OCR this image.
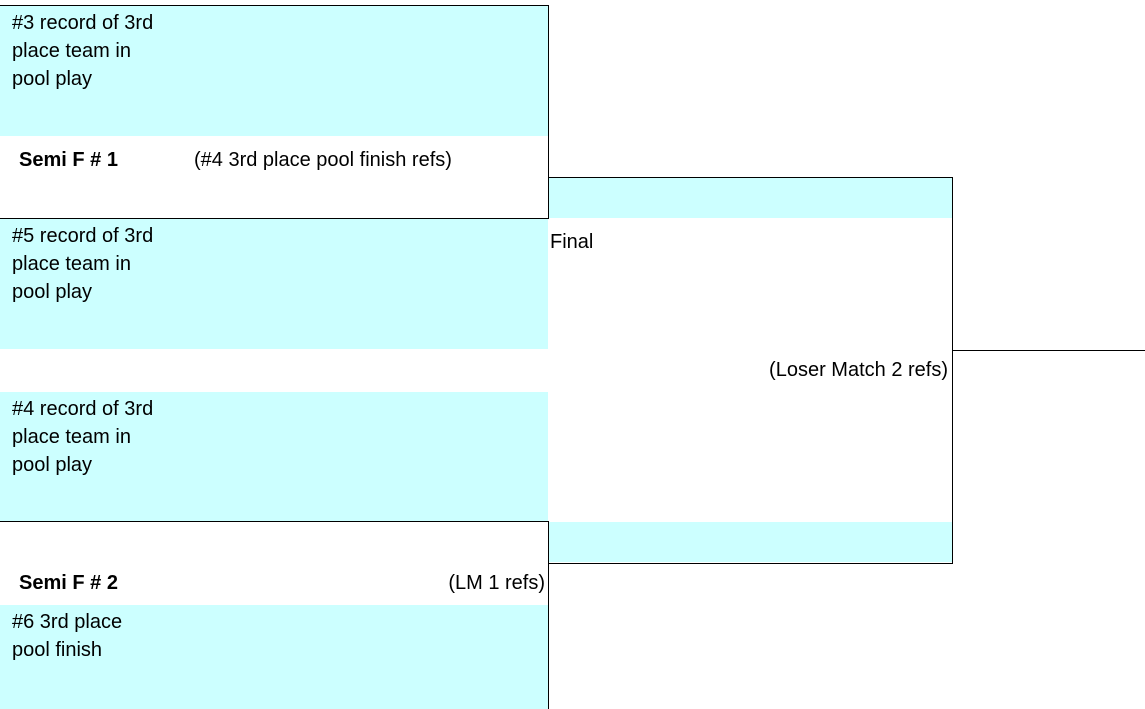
#3 record of 3rd place team in pool play
#5 record of 3rd place team in pool play
#4 record of 3rd place team in pool play
#6 3rd place pool finish
Semi F # 1	(#4 3rd place pool finish refs)
Final
(Loser Match 2 refs)
Semi F # 2	(LM 1 refs)
